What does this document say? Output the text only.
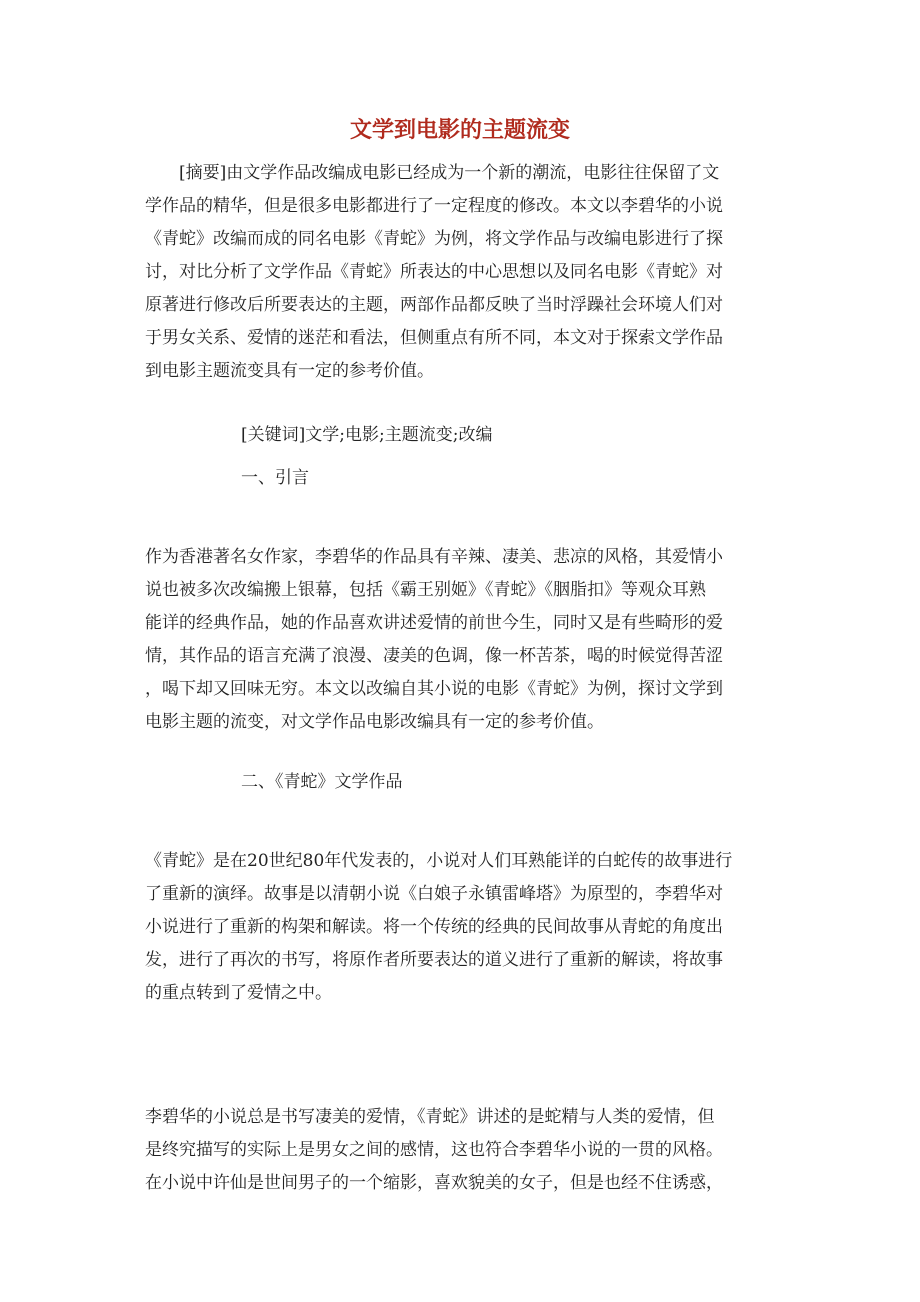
文学到电影的主题流变
[摘要]由文学作品改编成电影已经成为一个新的潮流，电影往往保留了文
学作品的精华，但是很多电影都进行了一定程度的修改。本文以李碧华的小说
《青蛇》改编而成的同名电影《青蛇》为例，将文学作品与改编电影进行了探
讨，对比分析了文学作品《青蛇》所表达的中心思想以及同名电影《青蛇》对
原著进行修改后所要表达的主题，两部作品都反映了当时浮躁社会环境人们对
于男女关系、爱情的迷茫和看法，但侧重点有所不同，本文对于探索文学作品
到电影主题流变具有一定的参考价值。
[关键词]文学;电影;主题流变;改编
一、引言
作为香港著名女作家，李碧华的作品具有辛辣、凄美、悲凉的风格，其爱情小
说也被多次改编搬上银幕，包括《霸王别姬》《青蛇》《胭脂扣》等观众耳熟
能详的经典作品，她的作品喜欢讲述爱情的前世今生，同时又是有些畸形的爱
情，其作品的语言充满了浪漫、凄美的色调，像一杯苦茶，喝的时候觉得苦涩
，喝下却又回味无穷。本文以改编自其小说的电影《青蛇》为例，探讨文学到
电影主题的流变，对文学作品电影改编具有一定的参考价值。
二、《青蛇》文学作品
《青蛇》是在20世纪80年代发表的，小说对人们耳熟能详的白蛇传的故事进行
了重新的演绎。故事是以清朝小说《白娘子永镇雷峰塔》为原型的，李碧华对
小说进行了重新的构架和解读。将一个传统的经典的民间故事从青蛇的角度出
发，进行了再次的书写，将原作者所要表达的道义进行了重新的解读，将故事
的重点转到了爱情之中。
李碧华的小说总是书写凄美的爱情，《青蛇》讲述的是蛇精与人类的爱情，但
是终究描写的实际上是男女之间的感情，这也符合李碧华小说的一贯的风格。
在小说中许仙是世间男子的一个缩影，喜欢貌美的女子，但是也经不住诱惑，
